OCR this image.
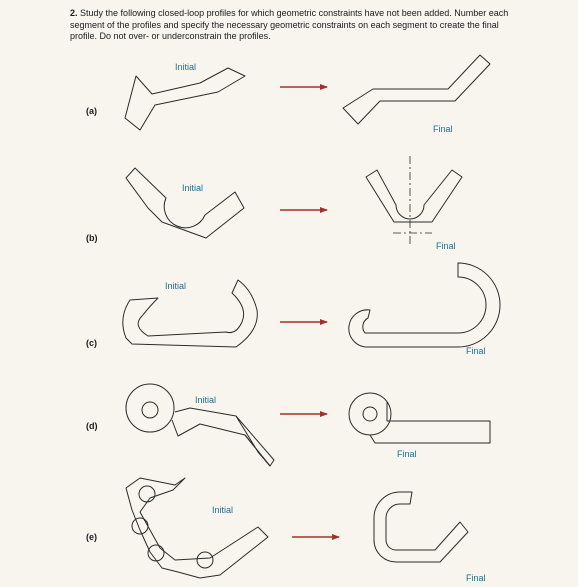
2. Study the following closed-loop profiles for which geometric constraints have not been added. Number each segment of the profiles and specify the necessary geometric constraints on each segment to create the final profile. Do not over- or underconstrain the profiles.
(a)
(b)
(c)
(d)
(e)
Initial
Final
Initial
Final
Initial
Final
Initial
Final
Initial
Final
